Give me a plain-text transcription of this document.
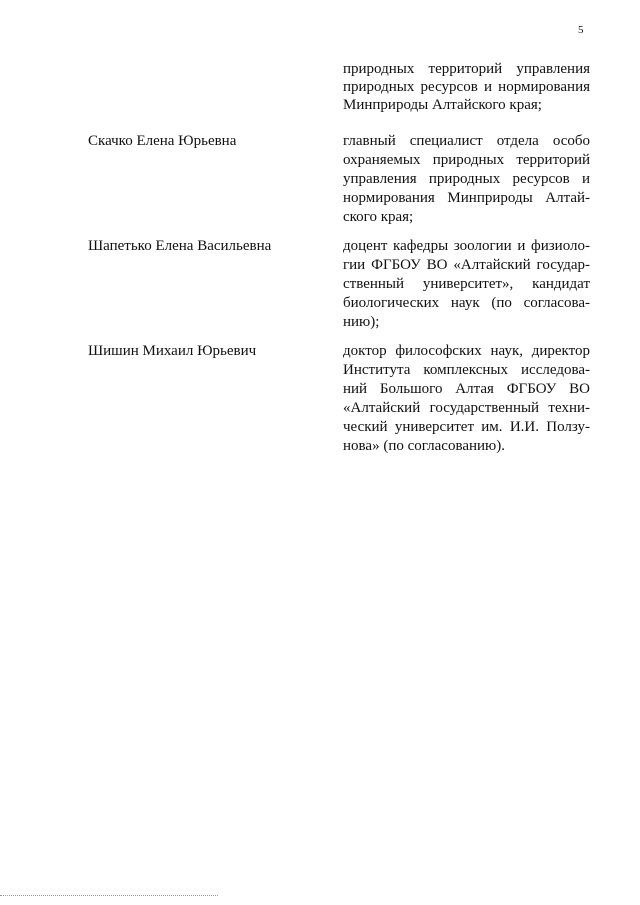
5
природных территорий управления
природных ресурсов и нормирования
Минприроды Алтайского края;
Скачко Елена Юрьевна	главный специалист отдела особо
охраняемых природных территорий
управления природных ресурсов и
нормирования Минприроды Алтай-
ского края;
Шапетько Елена Васильевна	доцент кафедры зоологии и физиоло-
гии ФГБОУ ВО «Алтайский государ-
ственный университет», кандидат
биологических наук (по согласова-
нию);
Шишин Михаил Юрьевич	доктор философских наук, директор
Института комплексных исследова-
ний Большого Алтая ФГБОУ ВО
«Алтайский государственный техни-
ческий университет им. И.И. Ползу-
нова» (по согласованию).
